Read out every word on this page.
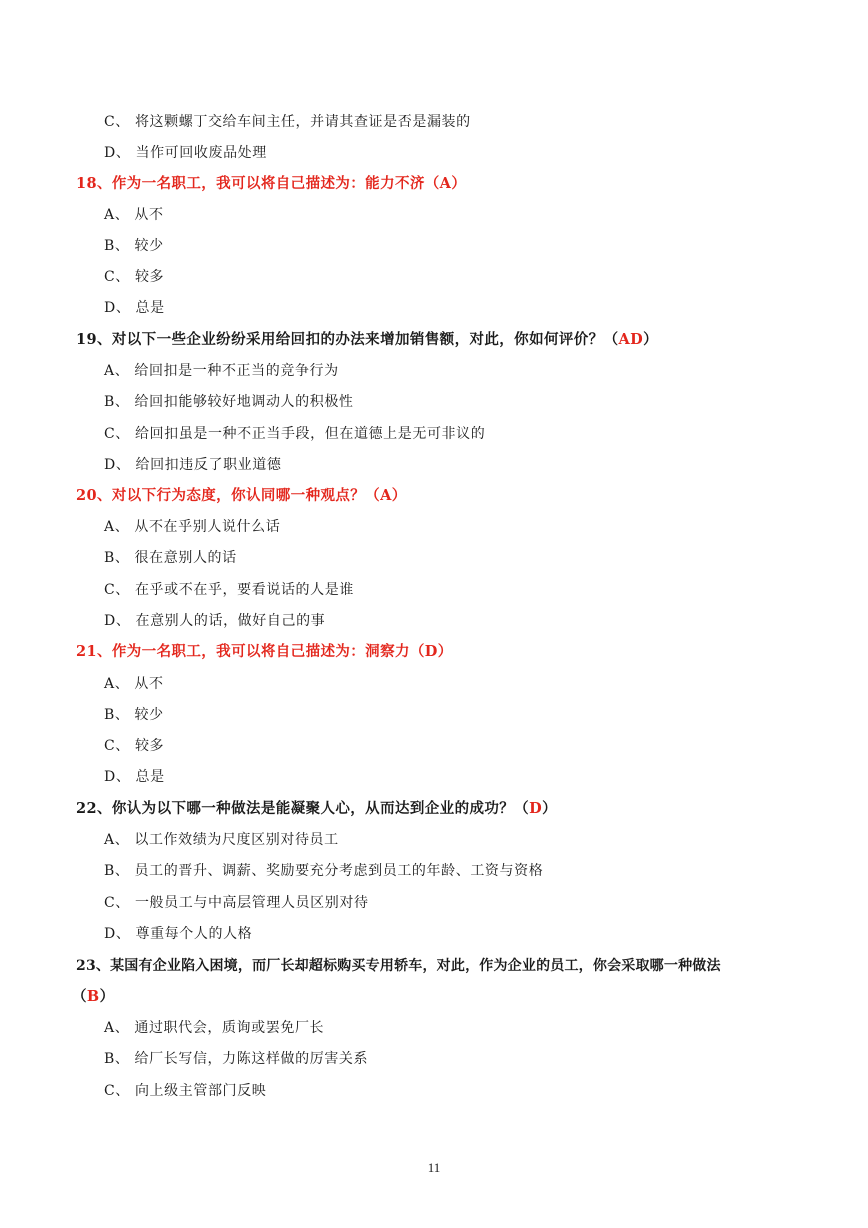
C、 将这颗螺丁交给车间主任，并请其查证是否是漏装的
D、 当作可回收废品处理
18、作为一名职工，我可以将自己描述为：能力不济（A）
A、 从不
B、 较少
C、 较多
D、 总是
19、对以下一些企业纷纷采用给回扣的办法来增加销售额，对此，你如何评价？（AD）
A、 给回扣是一种不正当的竞争行为
B、 给回扣能够较好地调动人的积极性
C、 给回扣虽是一种不正当手段，但在道德上是无可非议的
D、 给回扣违反了职业道德
20、对以下行为态度，你认同哪一种观点？（A）
A、 从不在乎别人说什么话
B、 很在意别人的话
C、 在乎或不在乎，要看说话的人是谁
D、 在意别人的话，做好自己的事
21、作为一名职工，我可以将自己描述为：洞察力（D）
A、 从不
B、 较少
C、 较多
D、 总是
22、你认为以下哪一种做法是能凝聚人心，从而达到企业的成功？（D）
A、 以工作效绩为尺度区别对待员工
B、 员工的晋升、调薪、奖励要充分考虑到员工的年龄、工资与资格
C、 一般员工与中高层管理人员区别对待
D、 尊重每个人的人格
23、某国有企业陷入困境，而厂长却超标购买专用轿车，对此，作为企业的员工，你会采取哪一种做法
（B）
A、 通过职代会，质询或罢免厂长
B、 给厂长写信，力陈这样做的厉害关系
C、 向上级主管部门反映
11
